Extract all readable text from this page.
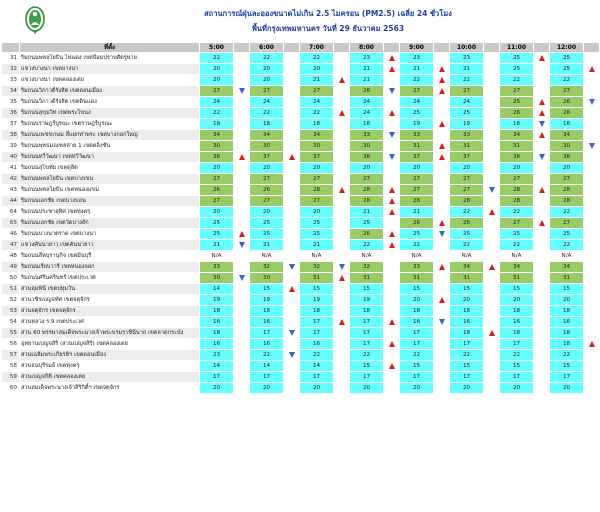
สถานการณ์ฝุ่นละอองขนาดไม่เกิน 2.5 ไมครอน (PM2.5) เฉลี่ย 24 ชั่วโมง
พื้นที่กรุงเทพมหานคร วันที่ 29 ธันวาคม 2563
	ที่ตั้ง	5:00		6:00		7:00		8:00		9:00		10:00		11:00		12:00	
31	ริมถนนพหลโยธิน ไฟแดง เขตป้อมปราบศัตรูพ่าย	22		22		22		23		23		23		25		25	
32	แขวงบางนา เขตบางนา	20		20		20		21		21		21		25		25	
33	แขวงบางนา เขตคลองเตย	20		20		21		21		22		22		22		22	
34	ริมถนนวิภาวดีรังสิต เขตดอนเมือง	27		27		27		26		27		27		27		27	
35	ริมถนนวิภาวดีรังสิต เขตดินแดง	24		24		24		24		24		24		25		26	
36	ริมถนนสุขุมวิท เขตพระโขนง	22		22		22		24		25		25		26		26	
37	ริมถนนราษฎร์บูรณะ เขตราษฎร์บูรณะ	18		18		18		18		19		19		18		18	
38	ริมถนนเพชรเกษม สี่แยกท่าพระ เขตบางกอกใหญ่	34		34		34		33		33		33		34		34	
39	ริมถนนพุทธมณฑลสาย 1 เขตตลิ่งชัน	30		30		30		30		31		31		31		30	
40	ริมถนนทวีวัฒนา เขตทวีวัฒนา	36		37		37		36		37		37		36		36	
41	ริมถนนสุโขทัย เขตดุสิต	20		20		20		20		20		20		20		20	
42	ริมถนนพหลโยธิน เขตบางเขน	27		27		27		27		27		27		27		27	
43	ริมถนนพหลโยธิน เขตหนองแขม	26		26		28		28		27		27		28		28	
44	ริมถนนเอกชัย เขตบางบอน	27		27		27		28		28		28		28		28	
64	ริมถนนประชาอุทิศ เขตทุ่งครุ	20		20		20		21		21		22		22		22	
65	ริมถนนเอกชัย เขตวัดบางสัก	25		25		25		25		26		26		27		27	
46	ริมถนนบางนาตราด เขตบางนา	25		25		25		26		25		25		25		25	
47	แขวงคันนายาว เขตคันนายาว	21		21		21		22		22		22		22		22	
48	ริมถนนสีหบุรานุกิจ เขตมีนบุรี	N/A		N/A		N/A		N/A		N/A		N/A		N/A		N/A	
49	ริมถนนเรียบวารี เขตหนองจอก	33		32		32		32		33		34		34		34	
50	ริมถนนศรีนครินทร์ เขตประเวศ	30		30		31		31		31		31		31		31	
51	สวนลุมพินี เขตปทุมวัน	14		15		15		15		15		15		15		15	
52	สวนวชิรเบญจทัศ เขตจตุจักร	19		19		19		19		20		20		20		20	
53	สวนจตุจักร เขตจตุจักร	18		18		18		18		18		18		18		18	
54	สวนหลวง ร.9 เขตประเวศ	16		16		17		17		16		16		16		16	
55	สวน 60 พรรษาสมเด็จพระนางเจ้าพระบรมราชินีนาถ เขตลาดกระบัง	18		17		17		17		17		18		18		18	
56	อุทยานเบญจสิริ (สวนเบญจสิริ) เขตคลองเตย	16		16		16		17		17		17		17		18	
57	สวนเฉลิมพระเกียรติฯ เขตดอนเมือง	23		22		22		22		22		22		22		22	
58	สวนธนบุรีรมย์ เขตทุ่งครุ	14		14		14		15		15		15		15		15	
59	สวนเบญจกิติ เขตคลองเตย	17		17		17		17		17		17		17		17	
60	สวนสมเด็จพระนางเจ้าสิริกิติ์ฯ เขตจตุจักร	20		20		20		20		20		20		20		20	
